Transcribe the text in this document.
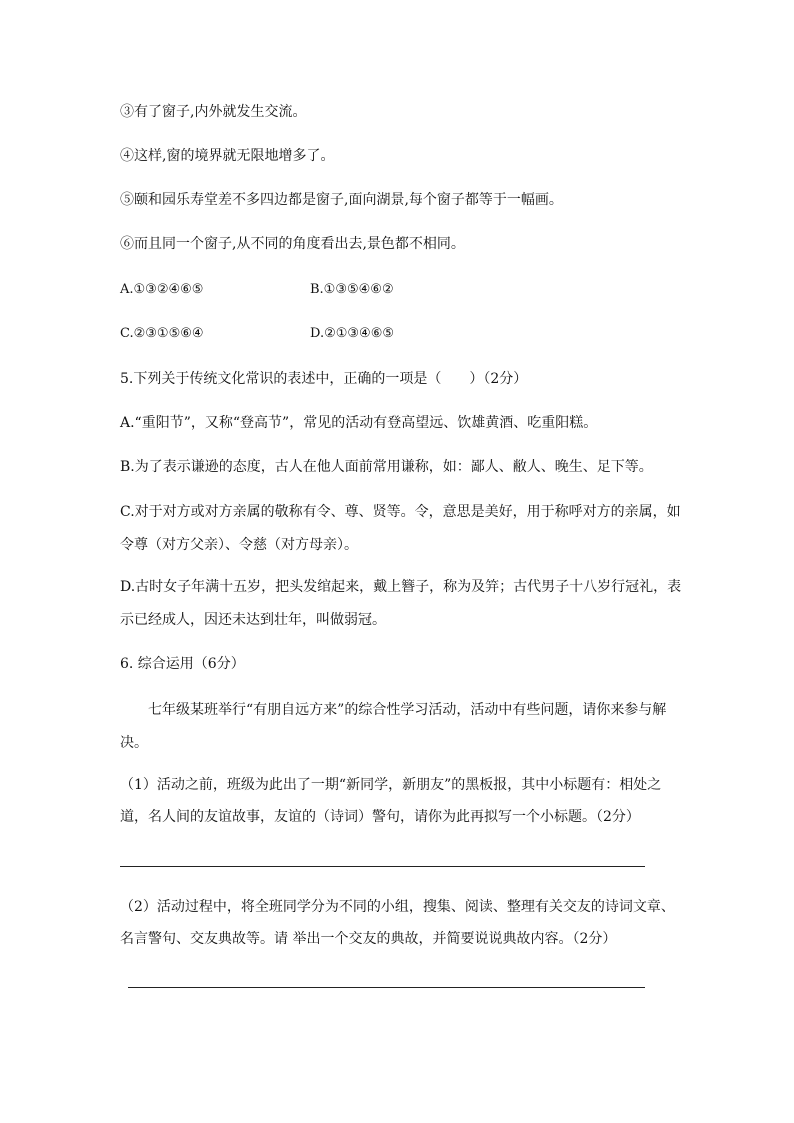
③有了窗子,内外就发生交流。
④这样,窗的境界就无限地增多了。
⑤颐和园乐寿堂差不多四边都是窗子,面向湖景,每个窗子都等于一幅画。
⑥而且同一个窗子,从不同的角度看出去,景色都不相同。
A.①③②④⑥⑤	B.①③⑤④⑥②
C.②③①⑤⑥④	D.②①③④⑥⑤
5.下列关于传统文化常识的表述中，正确的一项是（　　）（2分）
A.“重阳节”，又称“登高节”，常见的活动有登高望远、饮雄黄酒、吃重阳糕。
B.为了表示谦逊的态度，古人在他人面前常用谦称，如：鄙人、敝人、晚生、足下等。
C.对于对方或对方亲属的敬称有令、尊、贤等。令，意思是美好，用于称呼对方的亲属，如
令尊（对方父亲）、令慈（对方母亲）。
D.古时女子年满十五岁，把头发绾起来，戴上簪子，称为及笄；古代男子十八岁行冠礼，表
示已经成人，因还未达到壮年，叫做弱冠。
6. 综合运用（6分）
七年级某班举行“有朋自远方来”的综合性学习活动，活动中有些问题，请你来参与解
决。
（1）活动之前，班级为此出了一期“新同学，新朋友”的黑板报，其中小标题有：相处之
道，名人间的友谊故事，友谊的（诗词）警句，请你为此再拟写一个小标题。（2分）
（2）活动过程中，将全班同学分为不同的小组，搜集、阅读、整理有关交友的诗词文章、
名言警句、交友典故等。请 举出一个交友的典故，并简要说说典故内容。（2分）
